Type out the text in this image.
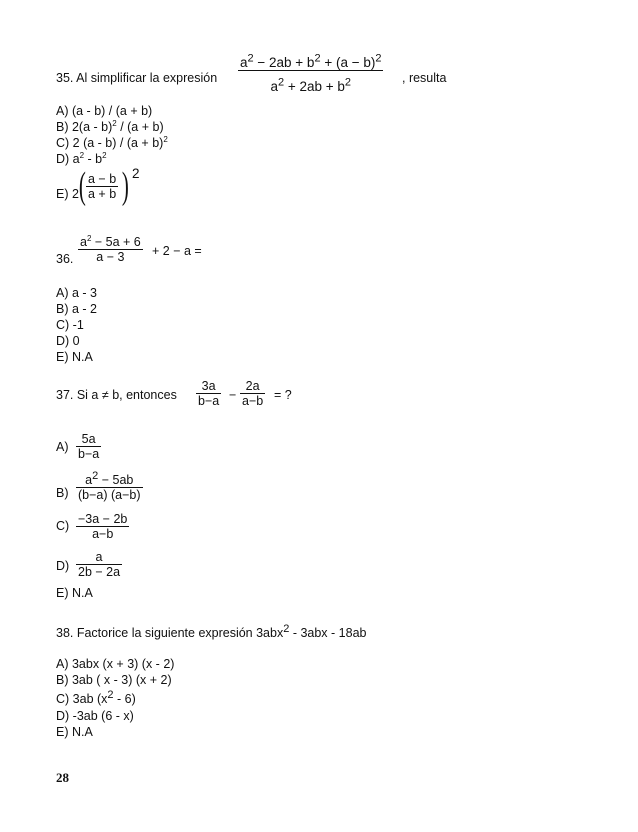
35. Al simplificar la expresión $\frac{a^2 - 2ab + b^2 + (a - b)^2}{a^2 + 2ab + b^2}$ , resulta
A) (a - b) / (a + b)
B) 2(a - b)$^2$ / (a + b)
C) 2 $(a - b) / (a + b)^2$
D) $a^2 - b^2$
E) 2 ( $\frac{a - b}{a + b}$ ) 2
36. $\frac{a^2 - 5a + 6}{a - 3} + 2 - a$ =
A) a - 3
B) a - 2
C) -1
D) 0
E) N.A
37. Si a ≠ b, entonces $\frac{3a}{b-a} - \frac{2a}{a-b}$ = ?
$A) \frac{5a}{b-a}$
$B) \frac{a2 - 5ab}{(b-a) (a-b)}$
$C) \frac{-3a - 2b}{a-b}$
$D) \frac{a}{2b - 2a}$
E) N.A
38. Factorice la siguiente expresión 3abx2 - 3abx - 18ab
A) 3abx (x + 3) (x - 2)
B) 3ab ( x - 3) (x + 2)
C) 3ab (x2 - 6)
D) -3ab (6 - x)
E) N.A
28
